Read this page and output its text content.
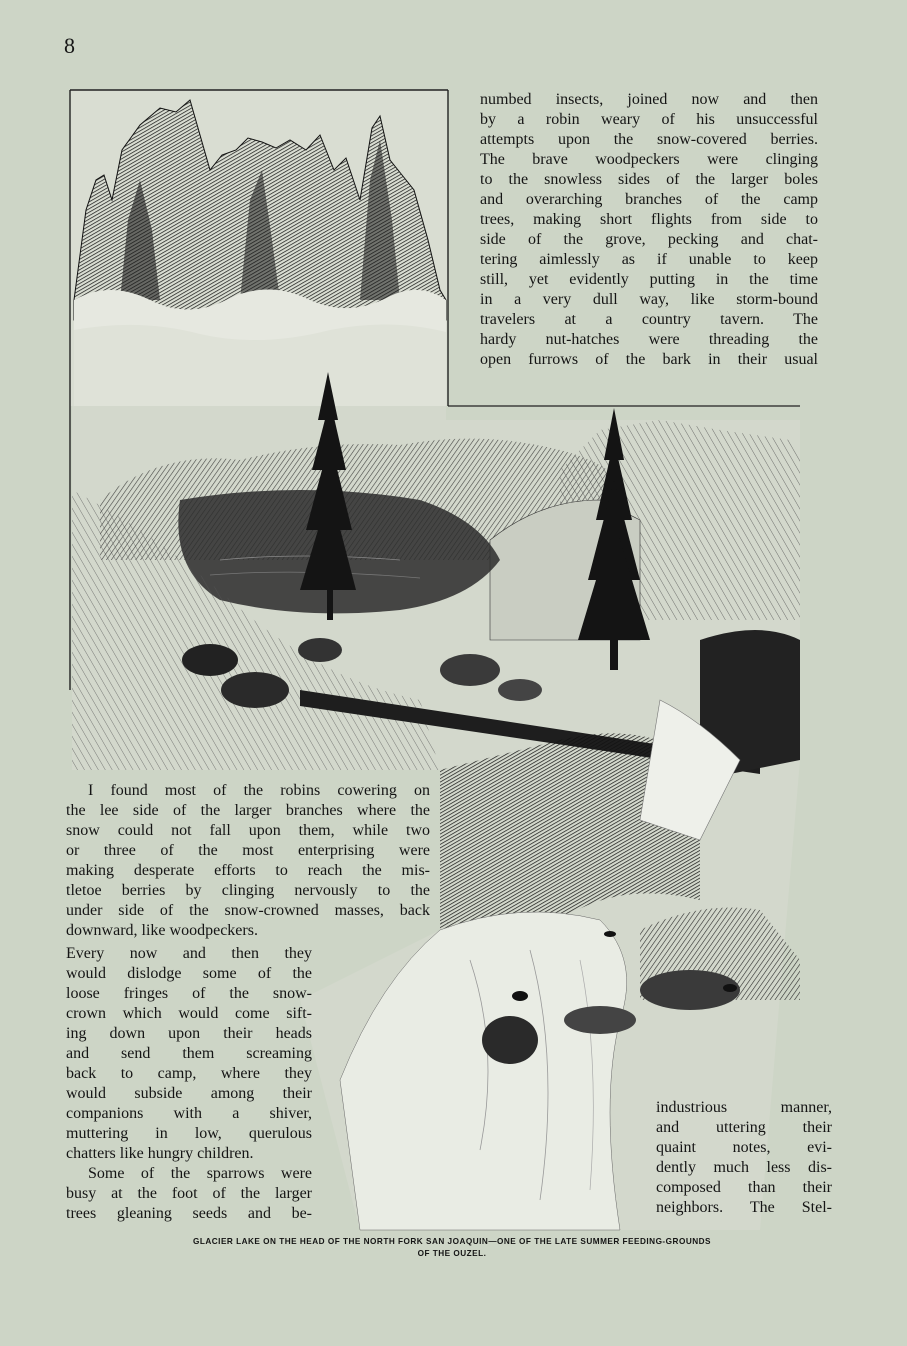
8
numbed insects, joined now and then
by a robin weary of his unsuccessful
attempts upon the snow-covered berries.
The brave woodpeckers were clinging
to the snowless sides of the larger boles
and overarching branches of the camp
trees, making short flights from side to
side of the grove, pecking and chat-
tering aimlessly as if unable to keep
still, yet evidently putting in the time
in a very dull way, like storm-bound
travelers at a country tavern. The
hardy nut-hatches were threading the
open furrows of the bark in their usual
I found most of the robins cowering on
the lee side of the larger branches where the
snow could not fall upon them, while two
or three of the most enterprising were
making desperate efforts to reach the mis-
tletoe berries by clinging nervously to the
under side of the snow-crowned masses, back
downward, like woodpeckers.
Every now and then they
would dislodge some of the
loose fringes of the snow-
crown which would come sift-
ing down upon their heads
and send them screaming
back to camp, where they
would subside among their
companions with a shiver,
muttering in low, querulous
chatters like hungry children.
Some of the sparrows were
busy at the foot of the larger
trees gleaning seeds and be-
industrious manner,
and uttering their
quaint notes, evi-
dently much less dis-
composed than their
neighbors. The Stel-
GLACIER LAKE ON THE HEAD OF THE NORTH FORK SAN JOAQUIN—ONE OF THE LATE SUMMER FEEDING-GROUNDS
OF THE OUZEL.
